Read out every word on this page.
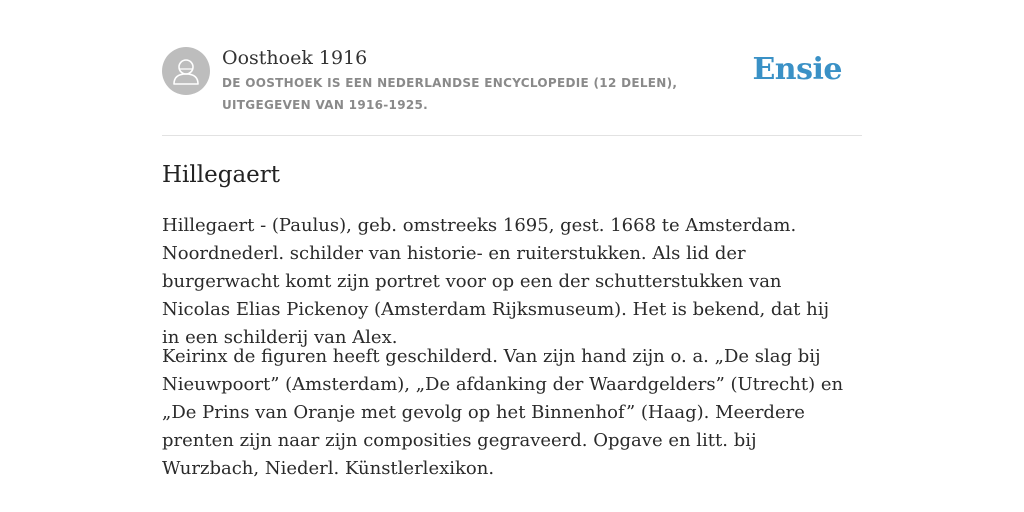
Oosthoek 1916
DE OOSTHOEK IS EEN NEDERLANDSE ENCYCLOPEDIE (12 DELEN), UITGEGEVEN VAN 1916-1925.
Ensie
Hillegaert

Hillegaert - (Paulus), geb. omstreeks 1695, gest. 1668 te Amsterdam. Noordnederl. schilder van historie- en ruiterstukken. Als lid der burgerwacht komt zijn portret voor op een der schutterstukken van Nicolas Elias Pickenoy (Amsterdam Rijksmuseum). Het is bekend, dat hij in een schilderij van Alex.

Keirinx de figuren heeft geschilderd. Van zijn hand zijn o. a. „De slag bij Nieuwpoort” (Amsterdam), „De afdanking der Waardgelders” (Utrecht) en „De Prins van Oranje met gevolg op het Binnenhof” (Haag). Meerdere prenten zijn naar zijn composities gegraveerd. Opgave en litt. bij Wurzbach, Niederl. Künstlerlexikon.
